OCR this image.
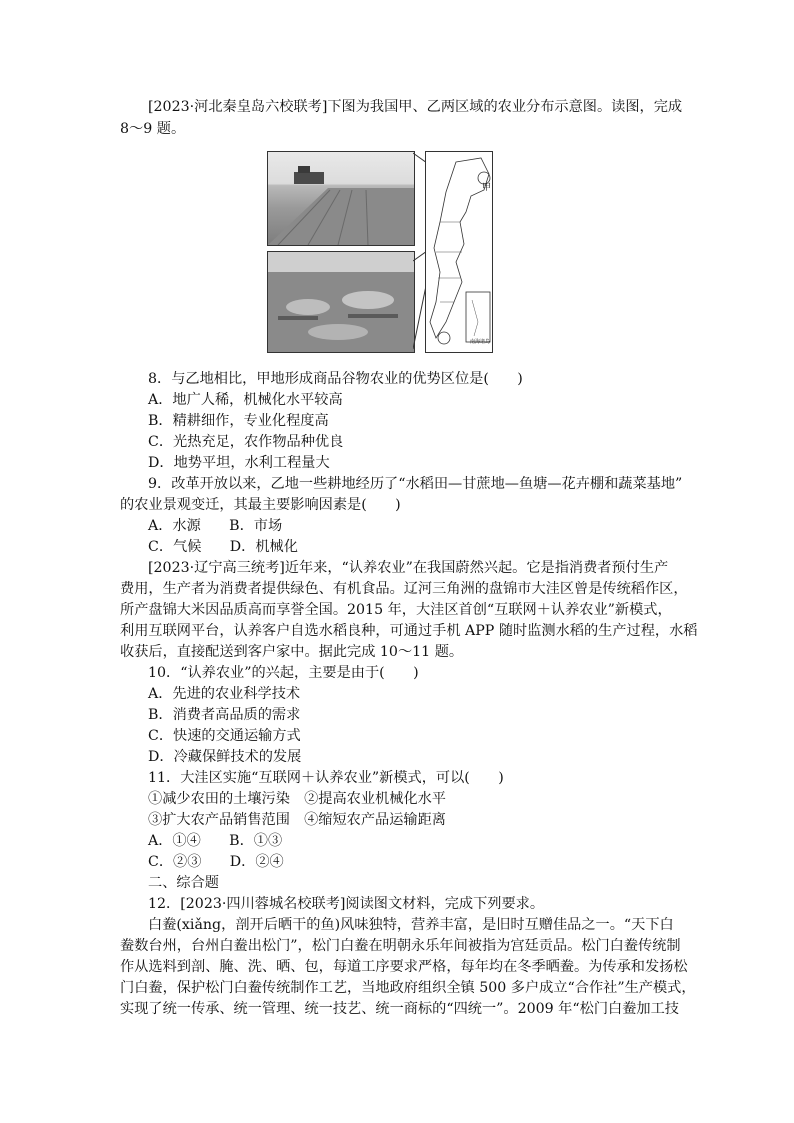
[2023·河北秦皇岛六校联考]下图为我国甲、乙两区域的农业分布示意图。读图，完成
8～9 题。
甲
南海诸岛
8．与乙地相比，甲地形成商品谷物农业的优势区位是(　　)
A．地广人稀，机械化水平较高
B．精耕细作，专业化程度高
C．光热充足，农作物品种优良
D．地势平坦，水利工程量大
9．改革开放以来，乙地一些耕地经历了“水稻田—甘蔗地—鱼塘—花卉棚和蔬菜基地”
的农业景观变迁，其最主要影响因素是(　　)
A．水源　　B．市场
C．气候　　D．机械化
[2023·辽宁高三统考]近年来，“认养农业”在我国蔚然兴起。它是指消费者预付生产
费用，生产者为消费者提供绿色、有机食品。辽河三角洲的盘锦市大洼区曾是传统稻作区，
所产盘锦大米因品质高而享誉全国。2015 年，大洼区首创“互联网＋认养农业”新模式，
利用互联网平台，认养客户自选水稻良种，可通过手机 APP 随时监测水稻的生产过程，水稻
收获后，直接配送到客户家中。据此完成 10～11 题。
10．“认养农业”的兴起，主要是由于(　　)
A．先进的农业科学技术
B．消费者高品质的需求
C．快速的交通运输方式
D．冷藏保鲜技术的发展
11．大洼区实施“互联网＋认养农业”新模式，可以(　　)
①减少农田的土壤污染　②提高农业机械化水平
③扩大农产品销售范围　④缩短农产品运输距离
A．①④　　B．①③
C．②③　　D．②④
二、综合题
12．[2023·四川蓉城名校联考]阅读图文材料，完成下列要求。
白鲞(xiǎng，剖开后晒干的鱼)风味独特，营养丰富，是旧时互赠佳品之一。“天下白
鲞数台州，台州白鲞出松门”，松门白鲞在明朝永乐年间被指为宫廷贡品。松门白鲞传统制
作从选料到剖、腌、洗、晒、包，每道工序要求严格，每年均在冬季晒鲞。为传承和发扬松
门白鲞，保护松门白鲞传统制作工艺，当地政府组织全镇 500 多户成立“合作社”生产模式，
实现了统一传承、统一管理、统一技艺、统一商标的“四统一”。2009 年“松门白鲞加工技
